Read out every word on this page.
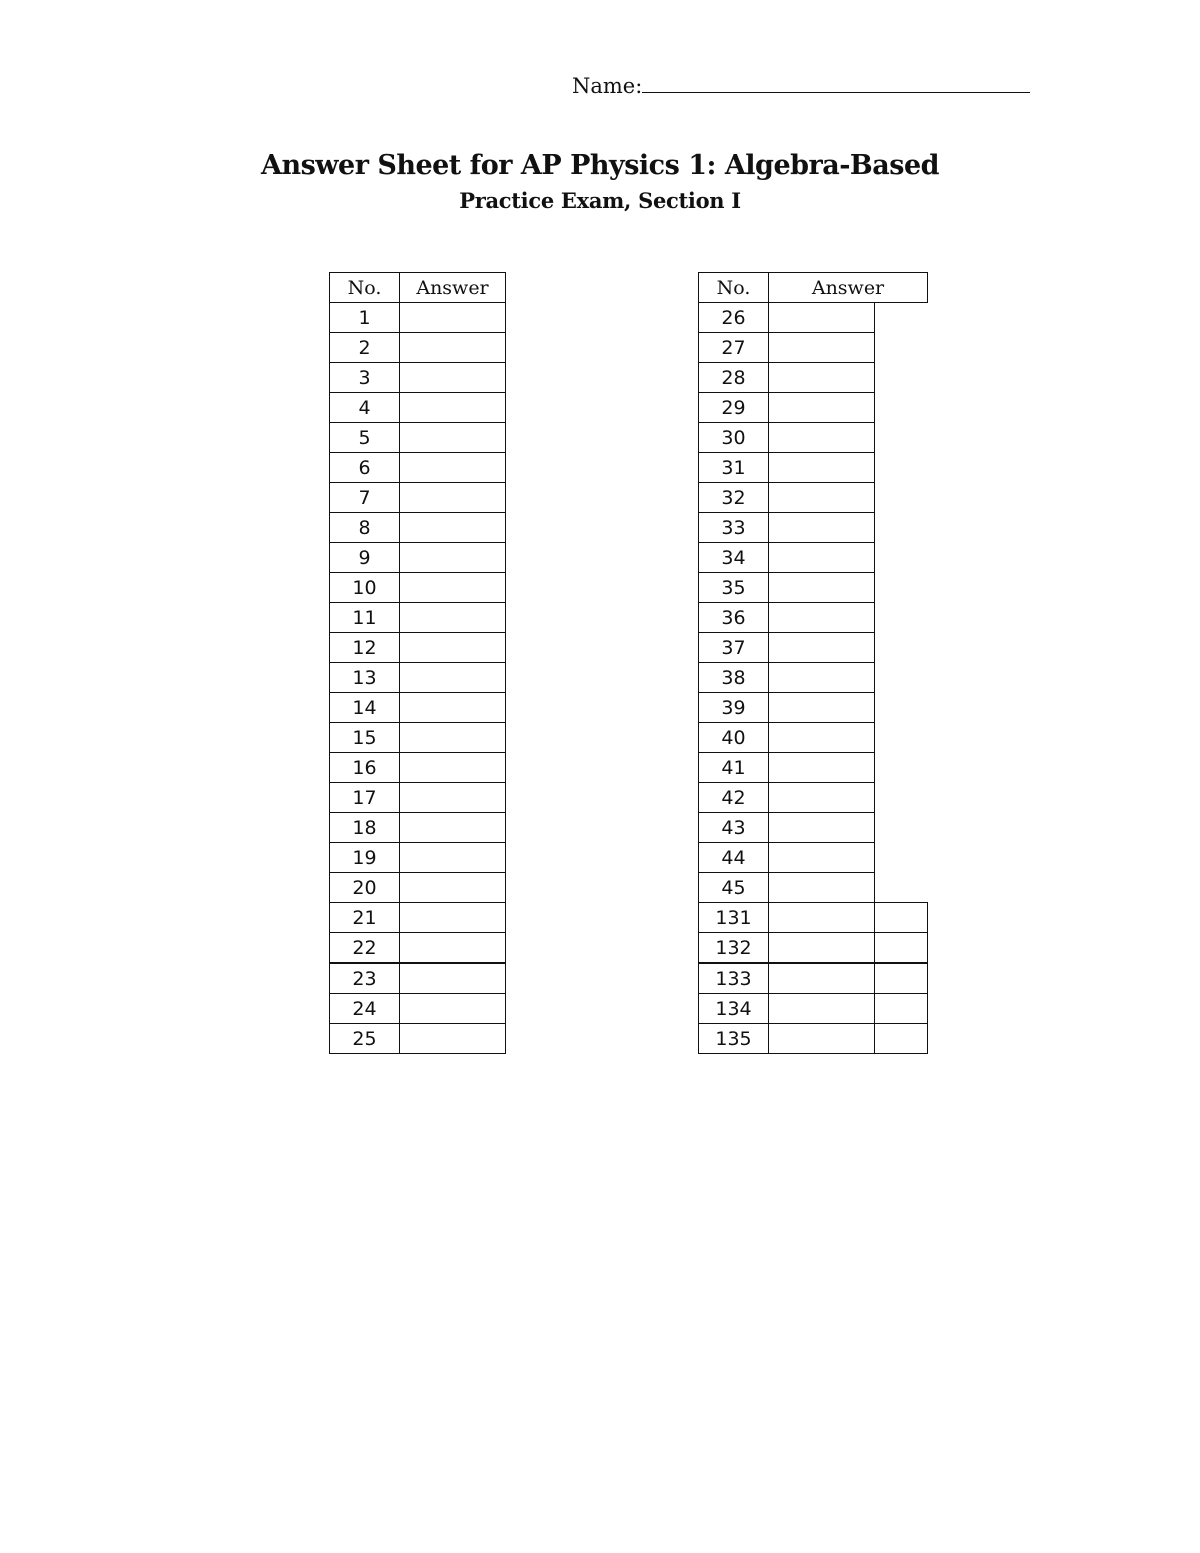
Name:
Answer Sheet for AP Physics 1: Algebra-Based
Practice Exam, Section I
No.	Answer
1	
2	
3	
4	
5	
6	
7	
8	
9	
10	
11	
12	
13	
14	
15	
16	
17	
18	
19	
20	
21	
22	
23	
24	
25	
No.	Answer	
26		
27		
28		
29		
30		
31		
32		
33		
34		
35		
36		
37		
38		
39		
40		
41		
42		
43		
44		
45		
131		
132		
133		
134		
135		
